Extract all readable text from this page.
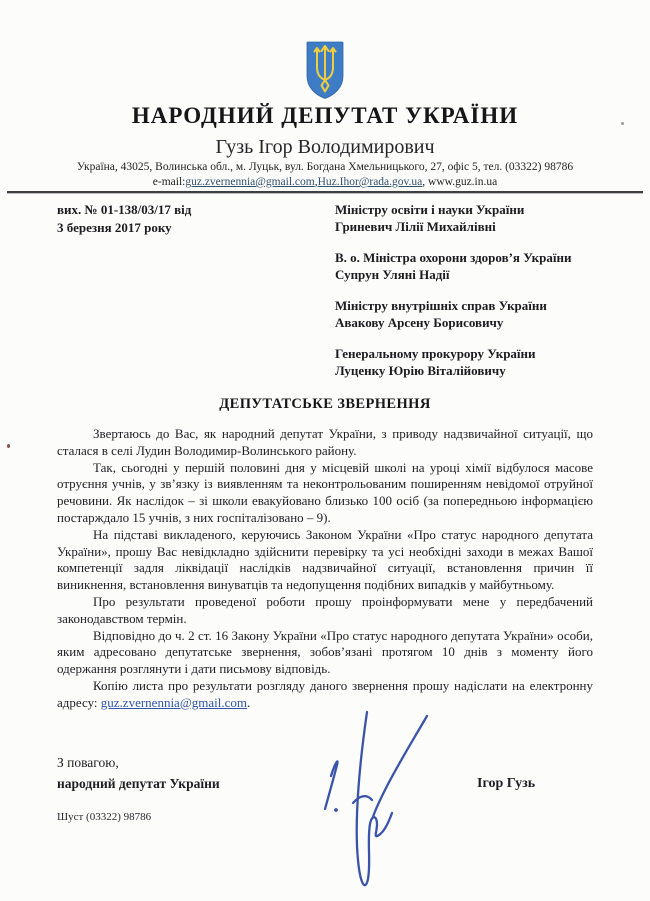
НАРОДНИЙ ДЕПУТАТ УКРАЇНИ
Гузь Ігор Володимирович
Україна, 43025, Волинська обл., м. Луцьк, вул. Богдана Хмельницького, 27, офіс 5, тел. (03322) 98786
e-mail:guz.zvernennia@gmail.com,Huz.Ihor@rada.gov.ua, www.guz.in.ua
вих. № 01-138/03/17 від
3 березня 2017 року
Міністру освіти і науки України
Гриневич Лілії Михайлівні
В. о. Міністра охорони здоров’я України
Супрун Уляні Надії
Міністру внутрішніх справ України
Авакову Арсену Борисовичу
Генеральному прокурору України
Луценку Юрію Віталійовичу
ДЕПУТАТСЬКЕ ЗВЕРНЕННЯ

Звертаюсь до Вас, як народний депутат України, з приводу надзвичайної ситуації, що сталася в селі Лудин Володимир-Волинського району.

Так, сьогодні у першій половині дня у місцевій школі на уроці хімії відбулося масове отруєння учнів, у зв’язку із виявленням та неконтрольованим поширенням невідомої отруйної речовини. Як наслідок – зі школи евакуйовано близько 100 осіб (за попередньою інформацією постарждало 15 учнів, з них госпіталізовано – 9).

На підставі викладеного, керуючись Законом України «Про статус народного депутата України», прошу Вас невідкладно здійснити перевірку та усі необхідні заходи в межах Вашої компетенції задля ліквідації наслідків надзвичайної ситуації, встановлення причин її виникнення, встановлення винуватців та недопущення подібних випадків у майбутньому.

Про результати проведеної роботи прошу проінформувати мене у передбачений законодавством термін.

Відповідно до ч. 2 ст. 16 Закону України «Про статус народного депутата України» особи, яким адресовано депутатське звернення, зобов’язані протягом 10 днів з моменту його одержання розглянути і дати письмову відповідь.

Копію листа про результати розгляду даного звернення прошу надіслати на електронну адресу: guz.zvernennia@gmail.com.

З повагою,
народний депутат України
Шуст (03322) 98786
Ігор Гузь
